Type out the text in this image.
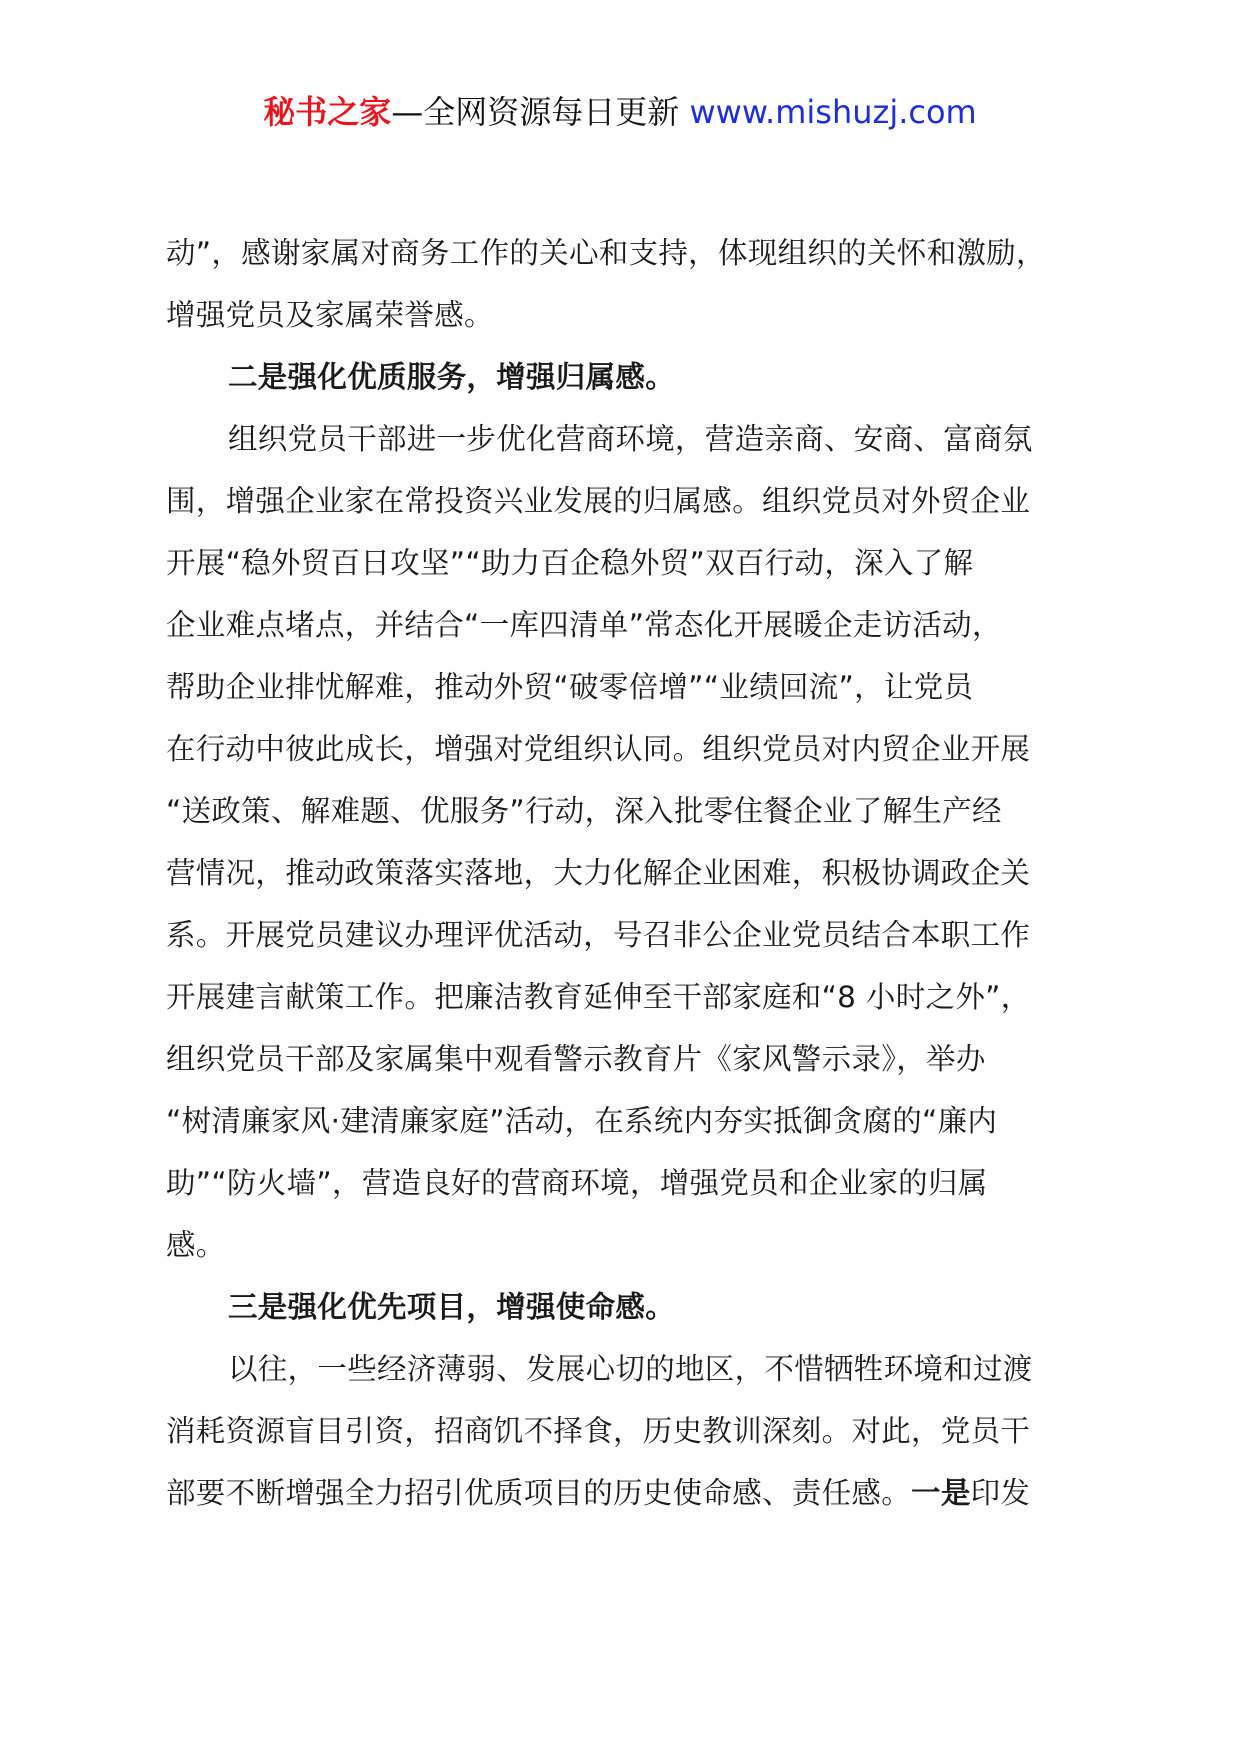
秘书之家—全网资源每日更新 www.mishuzj.com
动”，感谢家属对商务工作的关心和支持，体现组织的关怀和激励，
增强党员及家属荣誉感。
二是强化优质服务，增强归属感。
组织党员干部进一步优化营商环境，营造亲商、安商、富商氛
围，增强企业家在常投资兴业发展的归属感。组织党员对外贸企业
开展“稳外贸百日攻坚”“助力百企稳外贸”双百行动，深入了解
企业难点堵点，并结合“一库四清单”常态化开展暖企走访活动，
帮助企业排忧解难，推动外贸“破零倍增”“业绩回流”，让党员
在行动中彼此成长，增强对党组织认同。组织党员对内贸企业开展
“送政策、解难题、优服务”行动，深入批零住餐企业了解生产经
营情况，推动政策落实落地，大力化解企业困难，积极协调政企关
系。开展党员建议办理评优活动，号召非公企业党员结合本职工作
开展建言献策工作。把廉洁教育延伸至干部家庭和“8 小时之外”，
组织党员干部及家属集中观看警示教育片《家风警示录》，举办
“树清廉家风·建清廉家庭”活动，在系统内夯实抵御贪腐的“廉内
助”“防火墙”，营造良好的营商环境，增强党员和企业家的归属
感。
三是强化优先项目，增强使命感。
以往，一些经济薄弱、发展心切的地区，不惜牺牲环境和过渡
消耗资源盲目引资，招商饥不择食，历史教训深刻。对此，党员干
部要不断增强全力招引优质项目的历史使命感、责任感。一是印发
